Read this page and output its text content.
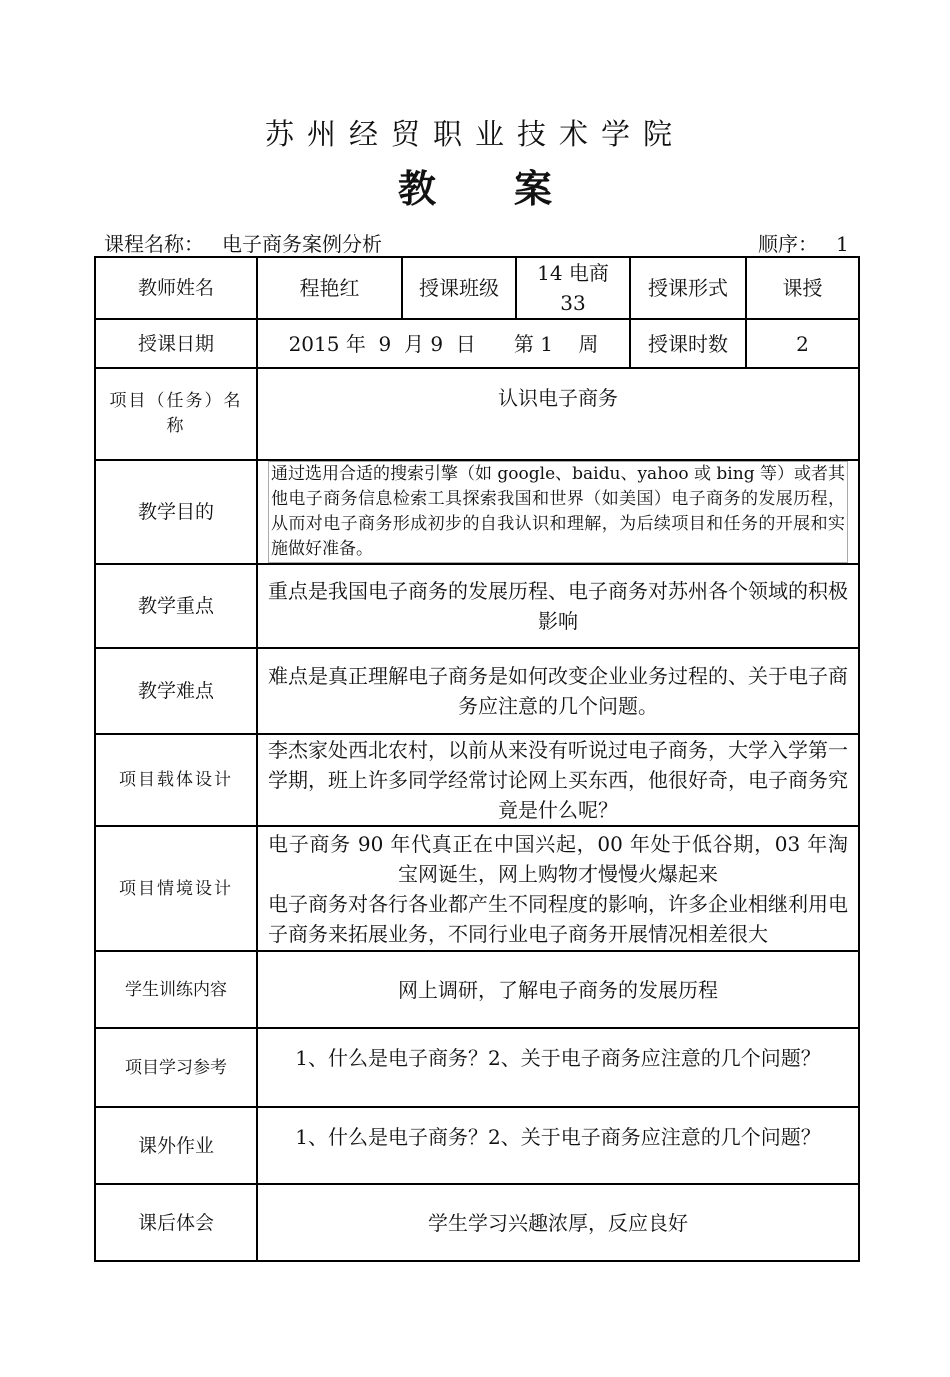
苏州经贸职业技术学院
教案
课程名称： 电子商务案例分析	顺序： 1
教师姓名	程艳红	授课班级	14 电商 33	授课形式	课授
授课日期	2015 年  9  月 9  日      第 1    周			授课时数	2
项目（任务）名称	认识电子商务				
教学目的	通过选用合适的搜索引擎（如 google、baidu、yahoo 或 bing 等）或者其他电子商务信息检索工具探索我国和世界（如美国）电子商务的发展历程，从而对电子商务形成初步的自我认识和理解，为后续项目和任务的开展和实施做好准备。				

教学重点	重点是我国电子商务的发展历程、电子商务对苏州各个领域的积极影响				

教学难点	难点是真正理解电子商务是如何改变企业业务过程的、关于电子商务应注意的几个问题。				

项目载体设计	李杰家处西北农村，以前从来没有听说过电子商务，大学入学第一学期，班上许多同学经常讨论网上买东西，他很好奇，电子商务究竟是什么呢？				

项目情境设计	电子商务 90 年代真正在中国兴起，00 年处于低谷期，03 年淘宝网诞生，网上购物才慢慢火爆起来
电子商务对各行各业都产生不同程度的影响，许多企业相继利用电子商务来拓展业务，不同行业电子商务开展情况相差很大				

学生训练内容	网上调研，了解电子商务的发展历程				
项目学习参考	1、什么是电子商务？2、关于电子商务应注意的几个问题？				
课外作业	1、什么是电子商务？2、关于电子商务应注意的几个问题？				
课后体会	学生学习兴趣浓厚，反应良好				
